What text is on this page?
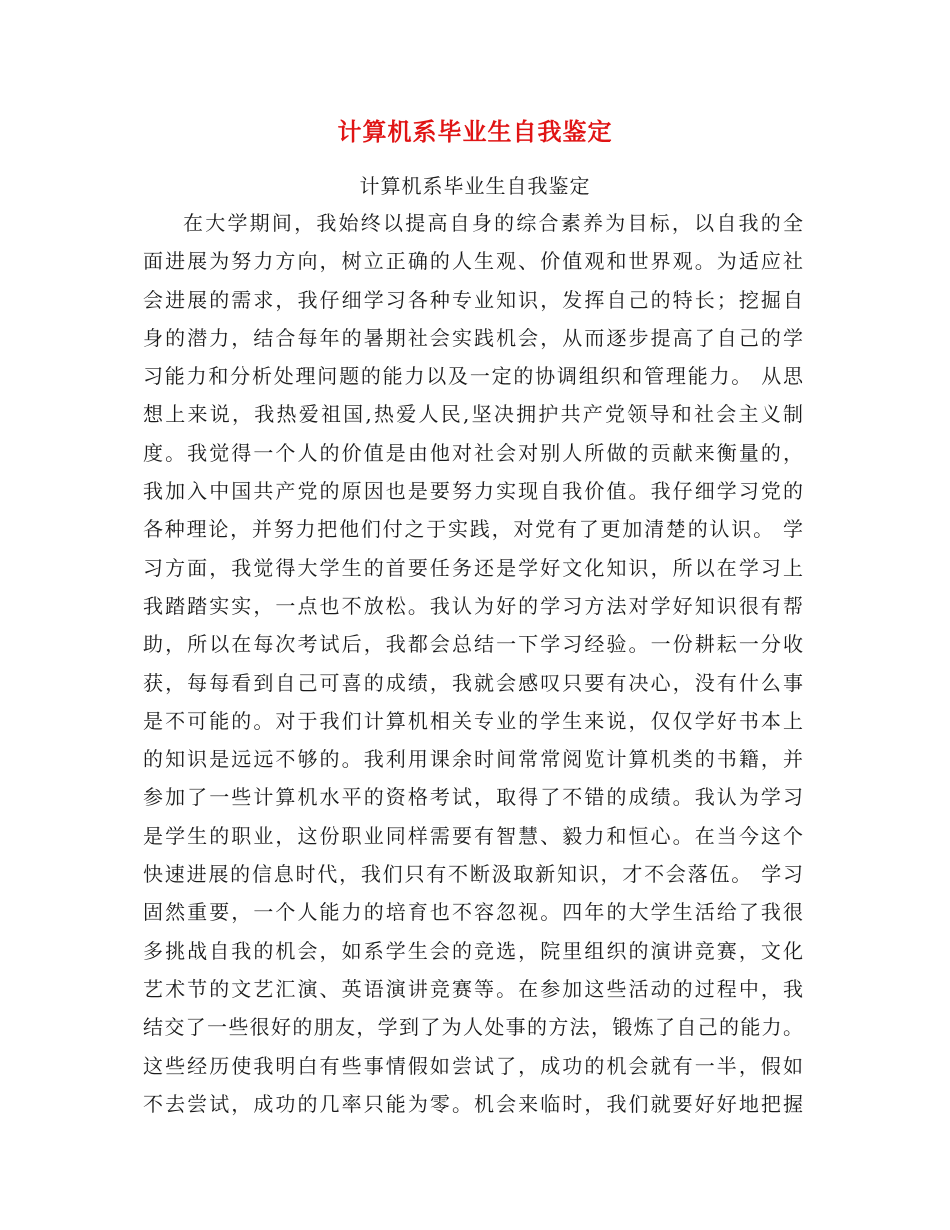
计算机系毕业生自我鉴定
计算机系毕业生自我鉴定
在大学期间，我始终以提高自身的综合素养为目标，以自我的全
面进展为努力方向，树立正确的人生观、价值观和世界观。为适应社
会进展的需求，我仔细学习各种专业知识，发挥自己的特长；挖掘自
身的潜力，结合每年的暑期社会实践机会，从而逐步提高了自己的学
习能力和分析处理问题的能力以及一定的协调组织和管理能力。 从思
想上来说，我热爱祖国,热爱人民,坚决拥护共产党领导和社会主义制
度。我觉得一个人的价值是由他对社会对别人所做的贡献来衡量的，
我加入中国共产党的原因也是要努力实现自我价值。我仔细学习党的
各种理论，并努力把他们付之于实践，对党有了更加清楚的认识。 学
习方面，我觉得大学生的首要任务还是学好文化知识，所以在学习上
我踏踏实实，一点也不放松。我认为好的学习方法对学好知识很有帮
助，所以在每次考试后，我都会总结一下学习经验。一份耕耘一分收
获，每每看到自己可喜的成绩，我就会感叹只要有决心，没有什么事
是不可能的。对于我们计算机相关专业的学生来说，仅仅学好书本上
的知识是远远不够的。我利用课余时间常常阅览计算机类的书籍，并
参加了一些计算机水平的资格考试，取得了不错的成绩。我认为学习
是学生的职业，这份职业同样需要有智慧、毅力和恒心。在当今这个
快速进展的信息时代，我们只有不断汲取新知识，才不会落伍。 学习
固然重要，一个人能力的培育也不容忽视。四年的大学生活给了我很
多挑战自我的机会，如系学生会的竞选，院里组织的演讲竞赛，文化
艺术节的文艺汇演、英语演讲竞赛等。在参加这些活动的过程中，我
结交了一些很好的朋友，学到了为人处事的方法，锻炼了自己的能力。
这些经历使我明白有些事情假如尝试了，成功的机会就有一半，假如
不去尝试，成功的几率只能为零。机会来临时，我们就要好好地把握
